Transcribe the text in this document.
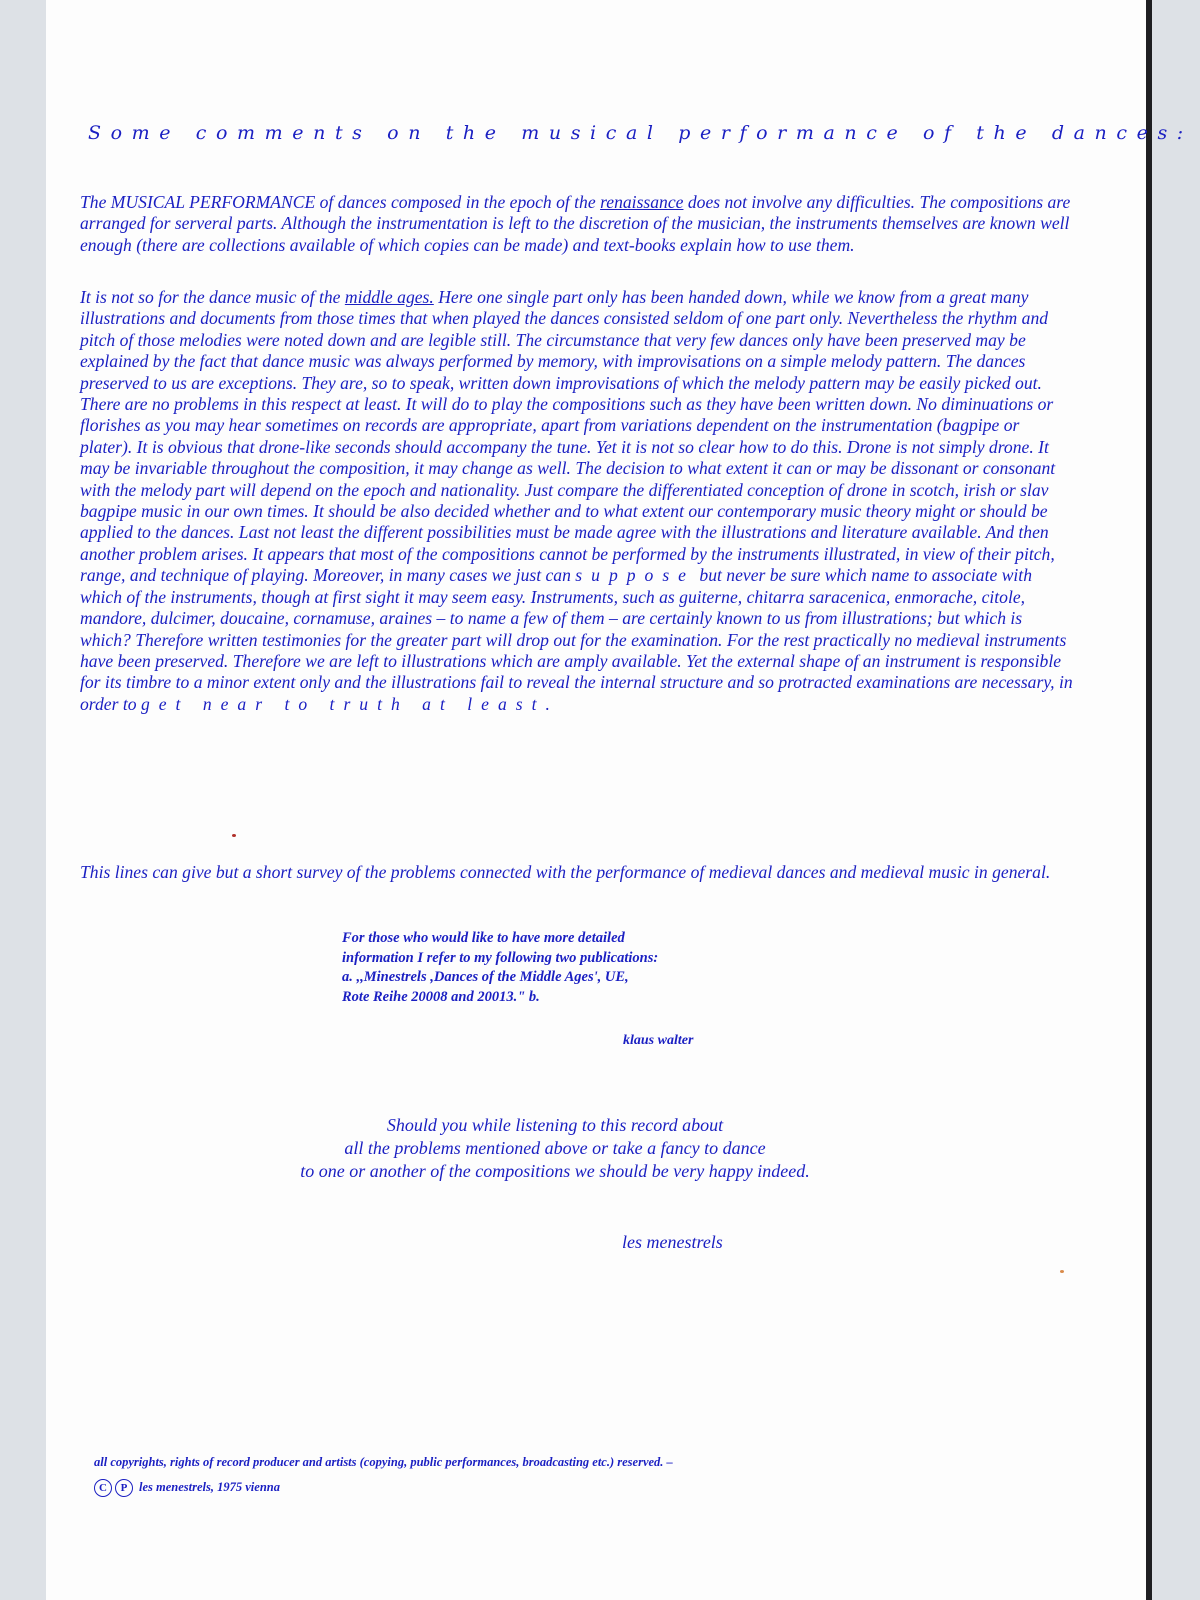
Some comments on the musical performance of the dances:
The MUSICAL PERFORMANCE of dances composed in the epoch of the renaissance does not involve any difficulties. The compositions are arranged for serveral parts. Although the instrumentation is left to the discretion of the musician, the instruments themselves are known well enough (there are collections available of which copies can be made) and text-books explain how to use them.
It is not so for the dance music of the middle ages. Here one single part only has been handed down, while we know from a great many illustrations and documents from those times that when played the dances consisted seldom of one part only. Nevertheless the rhythm and pitch of those melodies were noted down and are legible still. The circumstance that very few dances only have been preserved may be explained by the fact that dance music was always performed by memory, with improvisations on a simple melody pattern. The dances preserved to us are exceptions. They are, so to speak, written down improvisations of which the melody pattern may be easily picked out. There are no problems in this respect at least. It will do to play the compositions such as they have been written down. No diminuations or florishes as you may hear sometimes on records are appropriate, apart from variations dependent on the instrumentation (bagpipe or plater). It is obvious that drone-like seconds should accompany the tune. Yet it is not so clear how to do this. Drone is not simply drone. It may be invariable throughout the composition, it may change as well. The decision to what extent it can or may be dissonant or consonant with the melody part will depend on the epoch and nationality. Just compare the differentiated conception of drone in scotch, irish or slav bagpipe music in our own times. It should be also decided whether and to what extent our contemporary music theory might or should be applied to the dances. Last not least the different possibilities must be made agree with the illustrations and literature available. And then another problem arises. It appears that most of the compositions cannot be performed by the instruments illustrated, in view of their pitch, range, and technique of playing. Moreover, in many cases we just can suppose but never be sure which name to associate with which of the instruments, though at first sight it may seem easy. Instruments, such as guiterne, chitarra saracenica, enmorache, citole, mandore, dulcimer, doucaine, cornamuse, araines – to name a few of them – are certainly known to us from illustrations; but which is which? Therefore written testimonies for the greater part will drop out for the examination. For the rest practically no medieval instruments have been preserved. Therefore we are left to illustrations which are amply available. Yet the external shape of an instrument is responsible for its timbre to a minor extent only and the illustrations fail to reveal the internal structure and so protracted examinations are necessary, in order to get near to truth at least.
This lines can give but a short survey of the problems connected with the performance of medieval dances and medieval music in general.
For those who would like to have more detailed
information I refer to my following two publications:
a. ,,Minestrels ,Dances of the Middle Ages', UE,
Rote Reihe 20008 and 20013." b.
klaus walter
Should you while listening to this record about
all the problems mentioned above or take a fancy to dance
to one or another of the compositions we should be very happy indeed.
les menestrels
all copyrights, rights of record producer and artists (copying, public performances, broadcasting etc.) reserved. –
C	P les menestrels, 1975 vienna
